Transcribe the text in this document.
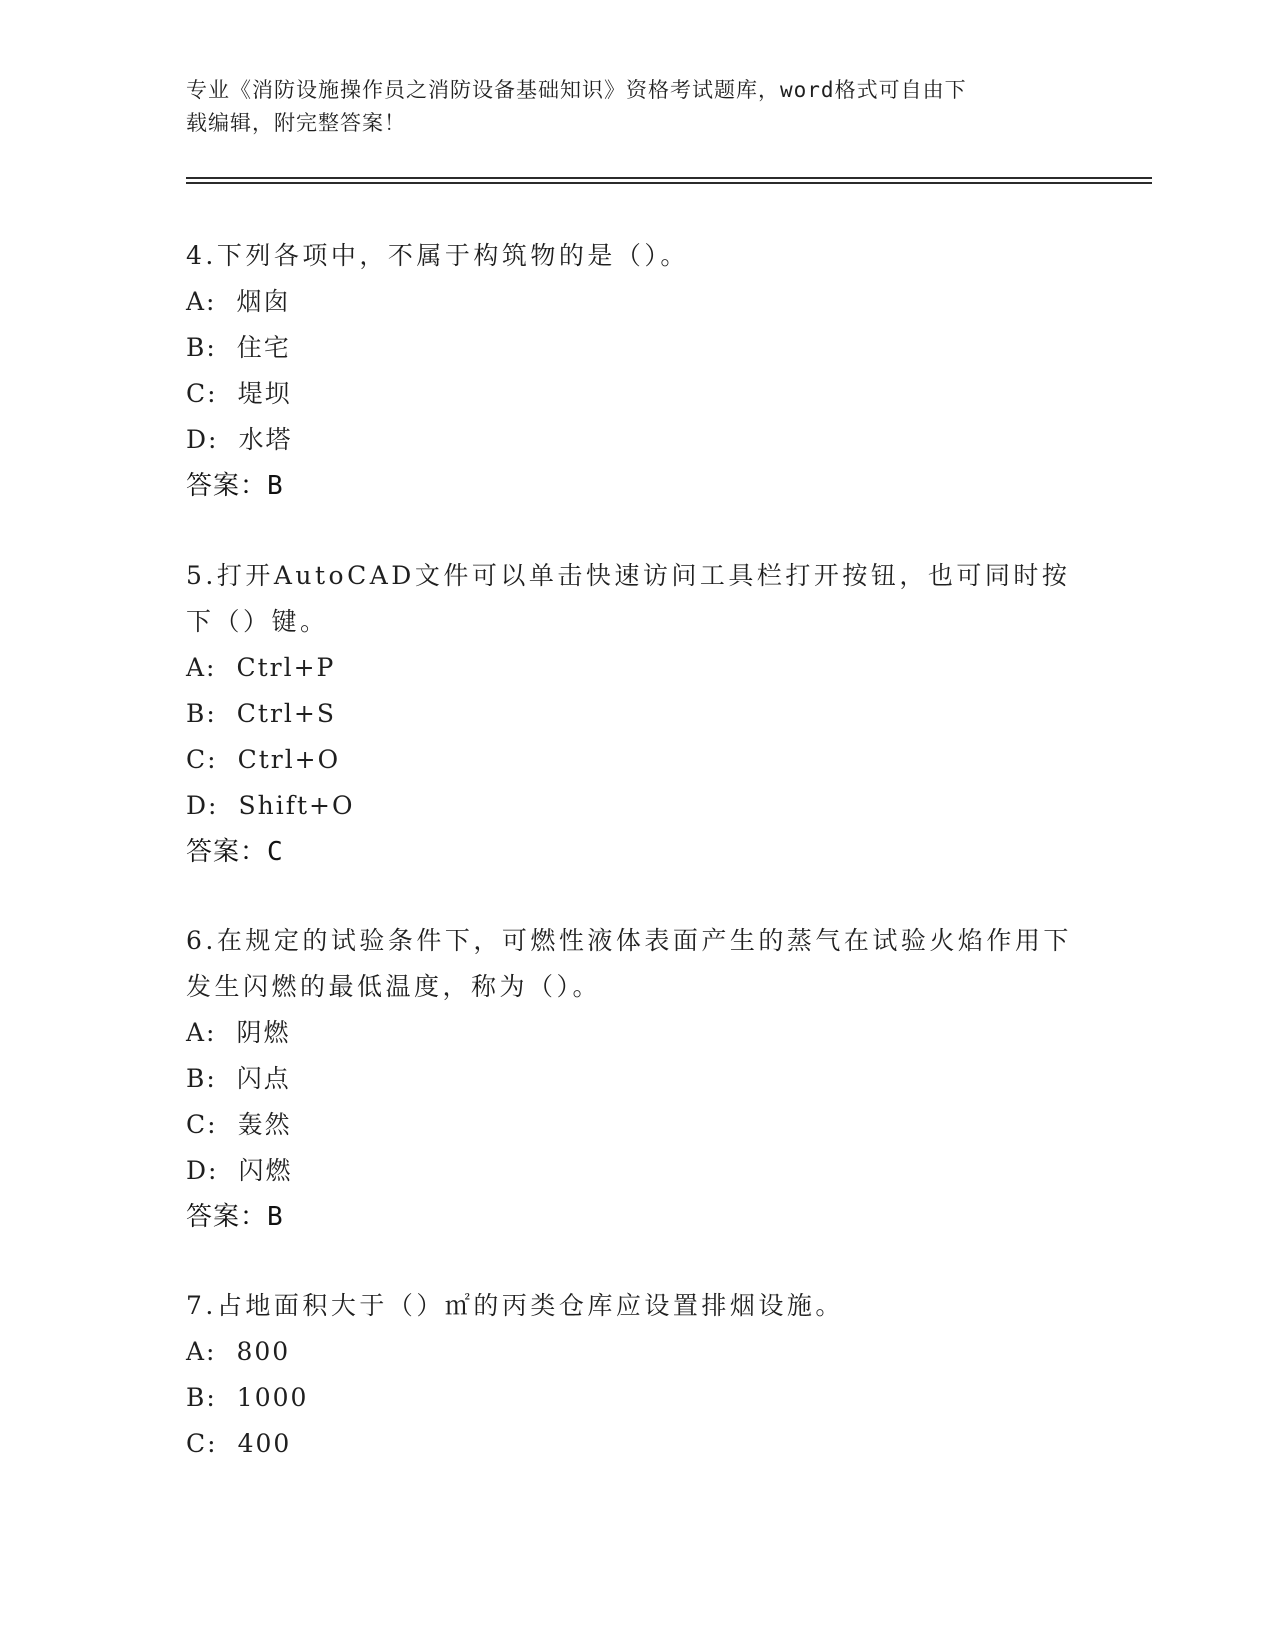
专业《消防设施操作员之消防设备基础知识》资格考试题库，word格式可自由下
载编辑，附完整答案！
4.下列各项中，不属于构筑物的是（）。
A: 烟囱
B: 住宅
C: 堤坝
D: 水塔
答案：B
5.打开AutoCAD文件可以单击快速访问工具栏打开按钮，也可同时按下（）键。
A: Ctrl+P
B: Ctrl+S
C: Ctrl+O
D: Shift+O
答案：C
6.在规定的试验条件下，可燃性液体表面产生的蒸气在试验火焰作用下发生闪燃的最低温度，称为（）。
A: 阴燃
B: 闪点
C: 轰然
D: 闪燃
答案：B
7.占地面积大于（）㎡的丙类仓库应设置排烟设施。
A: 800
B: 1000
C: 400
